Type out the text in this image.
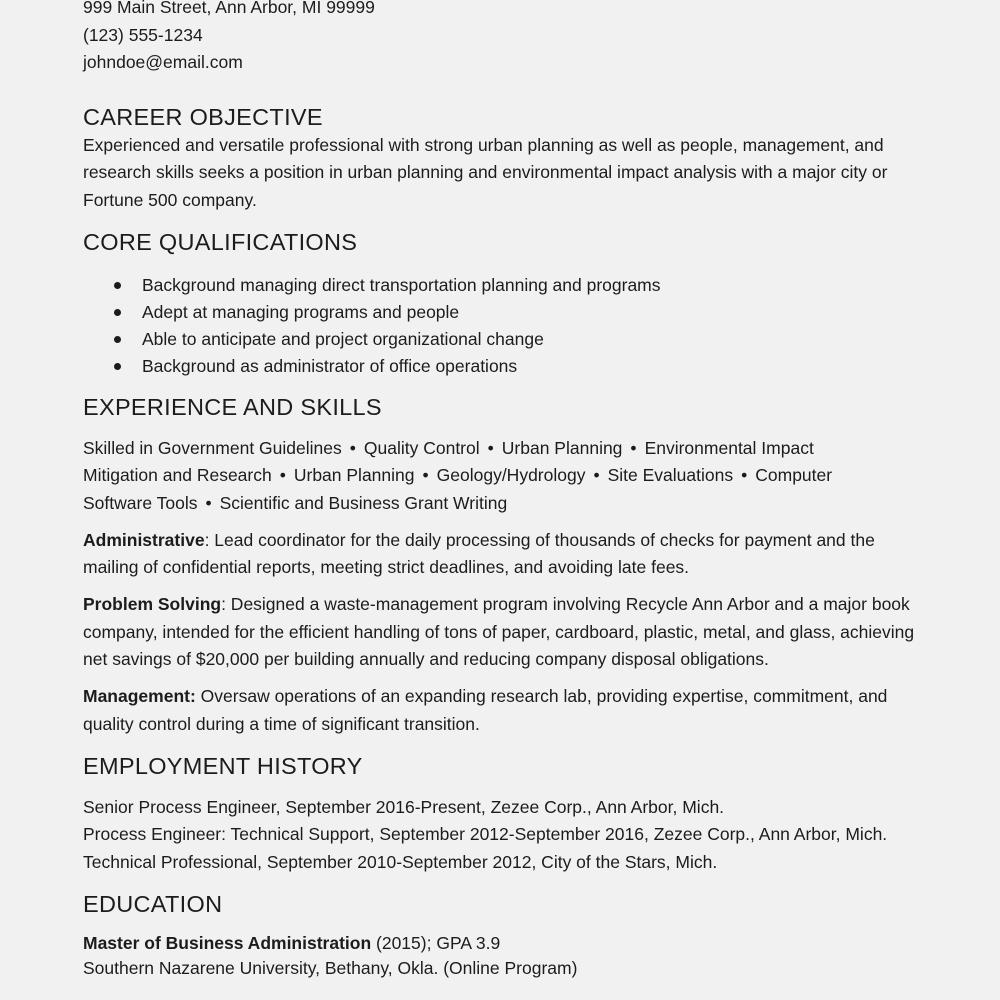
999 Main Street, Ann Arbor, MI 99999
(123) 555-1234
johndoe@email.com
CAREER OBJECTIVE

Experienced and versatile professional with strong urban planning as well as people, management, and research skills seeks a position in urban planning and environmental impact analysis with a major city or Fortune 500 company.

CORE QUALIFICATIONS
Background managing direct transportation planning and programs
Adept at managing programs and people
Able to anticipate and project organizational change
Background as administrator of office operations
EXPERIENCE AND SKILLS
Skilled in Government Guidelines • Quality Control • Urban Planning • Environmental Impact
Mitigation and Research • Urban Planning • Geology/Hydrology • Site Evaluations • Computer
Software Tools • Scientific and Business Grant Writing

Administrative: Lead coordinator for the daily processing of thousands of checks for payment and the mailing of confidential reports, meeting strict deadlines, and avoiding late fees.

Problem Solving: Designed a waste-management program involving Recycle Ann Arbor and a major book company, intended for the efficient handling of tons of paper, cardboard, plastic, metal, and glass, achieving net savings of $20,000 per building annually and reducing company disposal obligations.

Management: Oversaw operations of an expanding research lab, providing expertise, commitment, and quality control during a time of significant transition.

EMPLOYMENT HISTORY
Senior Process Engineer, September 2016-Present, Zezee Corp., Ann Arbor, Mich.
Process Engineer: Technical Support, September 2012-September 2016, Zezee Corp., Ann Arbor, Mich.
Technical Professional, September 2010-September 2012, City of the Stars, Mich.
EDUCATION
Master of Business Administration (2015); GPA 3.9
Southern Nazarene University, Bethany, Okla. (Online Program)
